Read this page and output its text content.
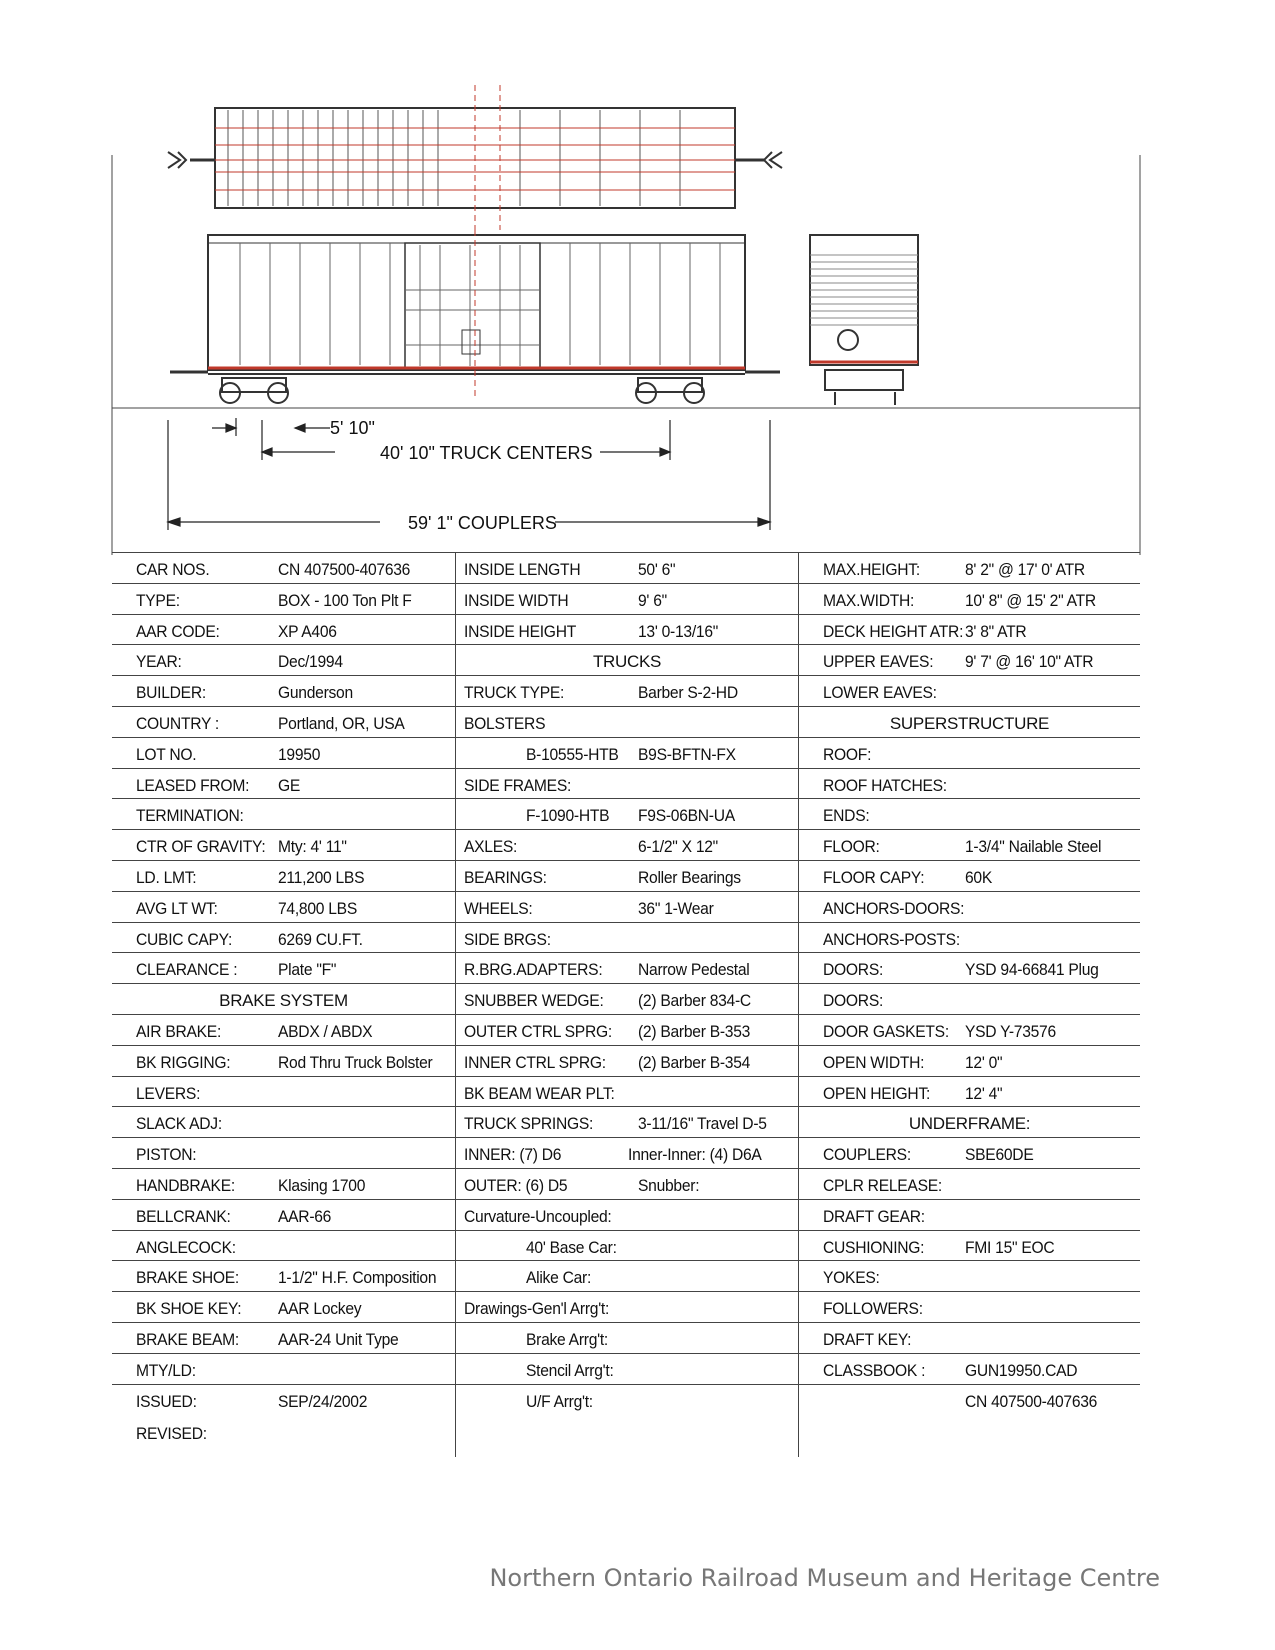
5' 10"
40' 10" TRUCK CENTERS
59' 1" COUPLERS
CAR NOS.	CN 407500-407636	INSIDE LENGTH	50' 6"	MAX.HEIGHT:	8' 2" @ 17' 0' ATR
TYPE:	BOX - 100 Ton Plt F	INSIDE WIDTH	9' 6"	MAX.WIDTH:	10' 8" @ 15' 2" ATR
AAR CODE:	XP A406	INSIDE HEIGHT	13' 0-13/16"	DECK HEIGHT ATR: 3' 8" ATR
YEAR:	Dec/1994	TRUCKS	UPPER EAVES: 9' 7' @ 16' 10" ATR
BUILDER:	Gunderson	TRUCK TYPE:	Barber S-2-HD	LOWER EAVES:
COUNTRY :	Portland, OR, USA	BOLSTERS	SUPERSTRUCTURE
LOT NO.	19950	B-10555-HTB B9S-BFTN-FX	ROOF:
LEASED FROM: GE	SIDE FRAMES:	ROOF HATCHES:
TERMINATION:	F-1090-HTB F9S-06BN-UA	ENDS:
CTR OF GRAVITY: Mty: 4' 11"	AXLES:	6-1/2" X 12"	FLOOR:	1-3/4" Nailable Steel
LD. LMT:	211,200 LBS	BEARINGS:	Roller Bearings	FLOOR CAPY: 60K
AVG LT WT:	74,800 LBS	WHEELS:	36" 1-Wear	ANCHORS-DOORS:
CUBIC CAPY:	6269 CU.FT.	SIDE BRGS:	ANCHORS-POSTS:
CLEARANCE : Plate "F"	R.BRG.ADAPTERS: Narrow Pedestal	DOORS:	YSD 94-66841 Plug
BRAKE SYSTEM	SNUBBER WEDGE: (2) Barber 834-C	DOORS:
AIR BRAKE:	ABDX / ABDX	OUTER CTRL SPRG: (2) Barber B-353	DOOR GASKETS: YSD Y-73576
BK RIGGING:	Rod Thru Truck Bolster INNER CTRL SPRG: (2) Barber B-354	OPEN WIDTH: 12' 0"
LEVERS:	BK BEAM WEAR PLT:	OPEN HEIGHT: 12' 4"
SLACK ADJ:	TRUCK SPRINGS:	3-11/16" Travel D-5	UNDERFRAME:
PISTON:	INNER: (7) D6	Inner-Inner: (4) D6A	COUPLERS:	SBE60DE
HANDBRAKE:	Klasing 1700	OUTER: (6) D5	Snubber:	CPLR RELEASE:
BELLCRANK:	AAR-66	Curvature-Uncoupled:	DRAFT GEAR:
ANGLECOCK:	40' Base Car:	CUSHIONING: FMI 15" EOC
BRAKE SHOE: 1-1/2" H.F. Composition	Alike Car:	YOKES:
BK SHOE KEY: AAR Lockey	Drawings-Gen'l Arrg't:	FOLLOWERS:
BRAKE BEAM: AAR-24 Unit Type	Brake Arrg't:	DRAFT KEY:
MTY/LD:	Stencil Arrg't:	CLASSBOOK : GUN19950.CAD
ISSUED:	SEP/24/2002	U/F Arrg't:	CN 407500-407636
REVISED:
Northern Ontario Railroad Museum and Heritage Centre
